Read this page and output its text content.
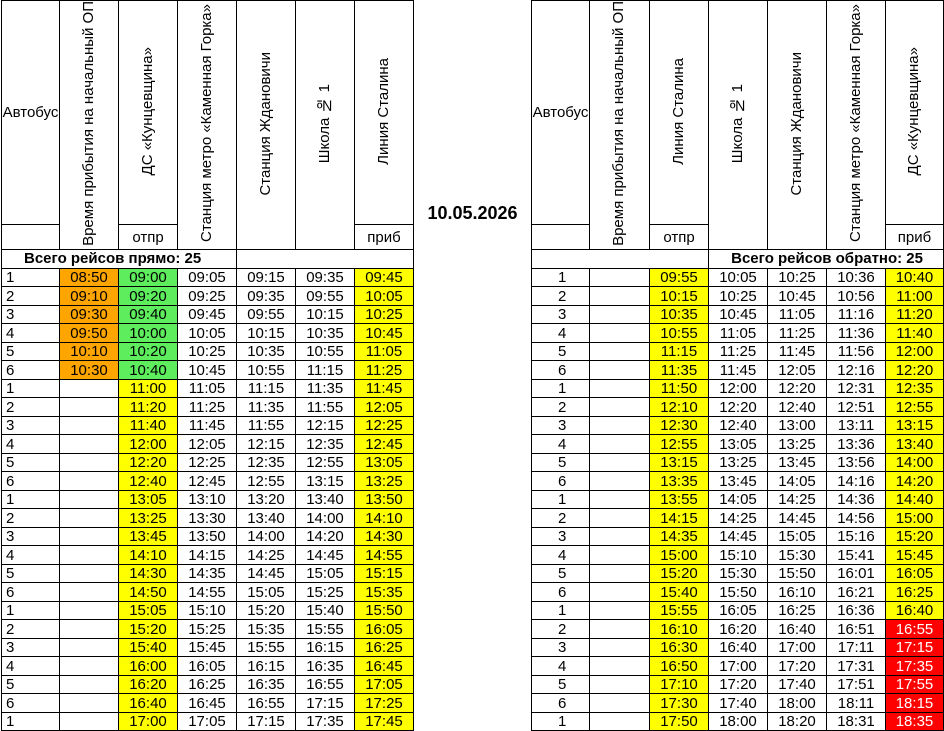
Автобус	Время прибытия на начальный ОП	ДС «Кунцевщина»	Станция метро «Каменная Горка»	Станция Ждановичи	Школа № 1	Линия Сталина
		отпр				приб
Всего рейсов прямо: 25						
1	08:50	09:00	09:05	09:15	09:35	09:45
2	09:10	09:20	09:25	09:35	09:55	10:05
3	09:30	09:40	09:45	09:55	10:15	10:25
4	09:50	10:00	10:05	10:15	10:35	10:45
5	10:10	10:20	10:25	10:35	10:55	11:05
6	10:30	10:40	10:45	10:55	11:15	11:25
1		11:00	11:05	11:15	11:35	11:45
2		11:20	11:25	11:35	11:55	12:05
3		11:40	11:45	11:55	12:15	12:25
4		12:00	12:05	12:15	12:35	12:45
5		12:20	12:25	12:35	12:55	13:05
6		12:40	12:45	12:55	13:15	13:25
1		13:05	13:10	13:20	13:40	13:50
2		13:25	13:30	13:40	14:00	14:10
3		13:45	13:50	14:00	14:20	14:30
4		14:10	14:15	14:25	14:45	14:55
5		14:30	14:35	14:45	15:05	15:15
6		14:50	14:55	15:05	15:25	15:35
1		15:05	15:10	15:20	15:40	15:50
2		15:20	15:25	15:35	15:55	16:05
3		15:40	15:45	15:55	16:15	16:25
4		16:00	16:05	16:15	16:35	16:45
5		16:20	16:25	16:35	16:55	17:05
6		16:40	16:45	16:55	17:15	17:25
1		17:00	17:05	17:15	17:35	17:45
10.05.2026
Автобус	Время прибытия на начальный ОП	Линия Сталина	Школа № 1	Станция Ждановичи	Станция метро «Каменная Горка»	ДС «Кунцевщина»
		отпр				приб
			Всего рейсов обратно: 25			
1		09:55	10:05	10:25	10:36	10:40
2		10:15	10:25	10:45	10:56	11:00
3		10:35	10:45	11:05	11:16	11:20
4		10:55	11:05	11:25	11:36	11:40
5		11:15	11:25	11:45	11:56	12:00
6		11:35	11:45	12:05	12:16	12:20
1		11:50	12:00	12:20	12:31	12:35
2		12:10	12:20	12:40	12:51	12:55
3		12:30	12:40	13:00	13:11	13:15
4		12:55	13:05	13:25	13:36	13:40
5		13:15	13:25	13:45	13:56	14:00
6		13:35	13:45	14:05	14:16	14:20
1		13:55	14:05	14:25	14:36	14:40
2		14:15	14:25	14:45	14:56	15:00
3		14:35	14:45	15:05	15:16	15:20
4		15:00	15:10	15:30	15:41	15:45
5		15:20	15:30	15:50	16:01	16:05
6		15:40	15:50	16:10	16:21	16:25
1		15:55	16:05	16:25	16:36	16:40
2		16:10	16:20	16:40	16:51	16:55
3		16:30	16:40	17:00	17:11	17:15
4		16:50	17:00	17:20	17:31	17:35
5		17:10	17:20	17:40	17:51	17:55
6		17:30	17:40	18:00	18:11	18:15
1		17:50	18:00	18:20	18:31	18:35
